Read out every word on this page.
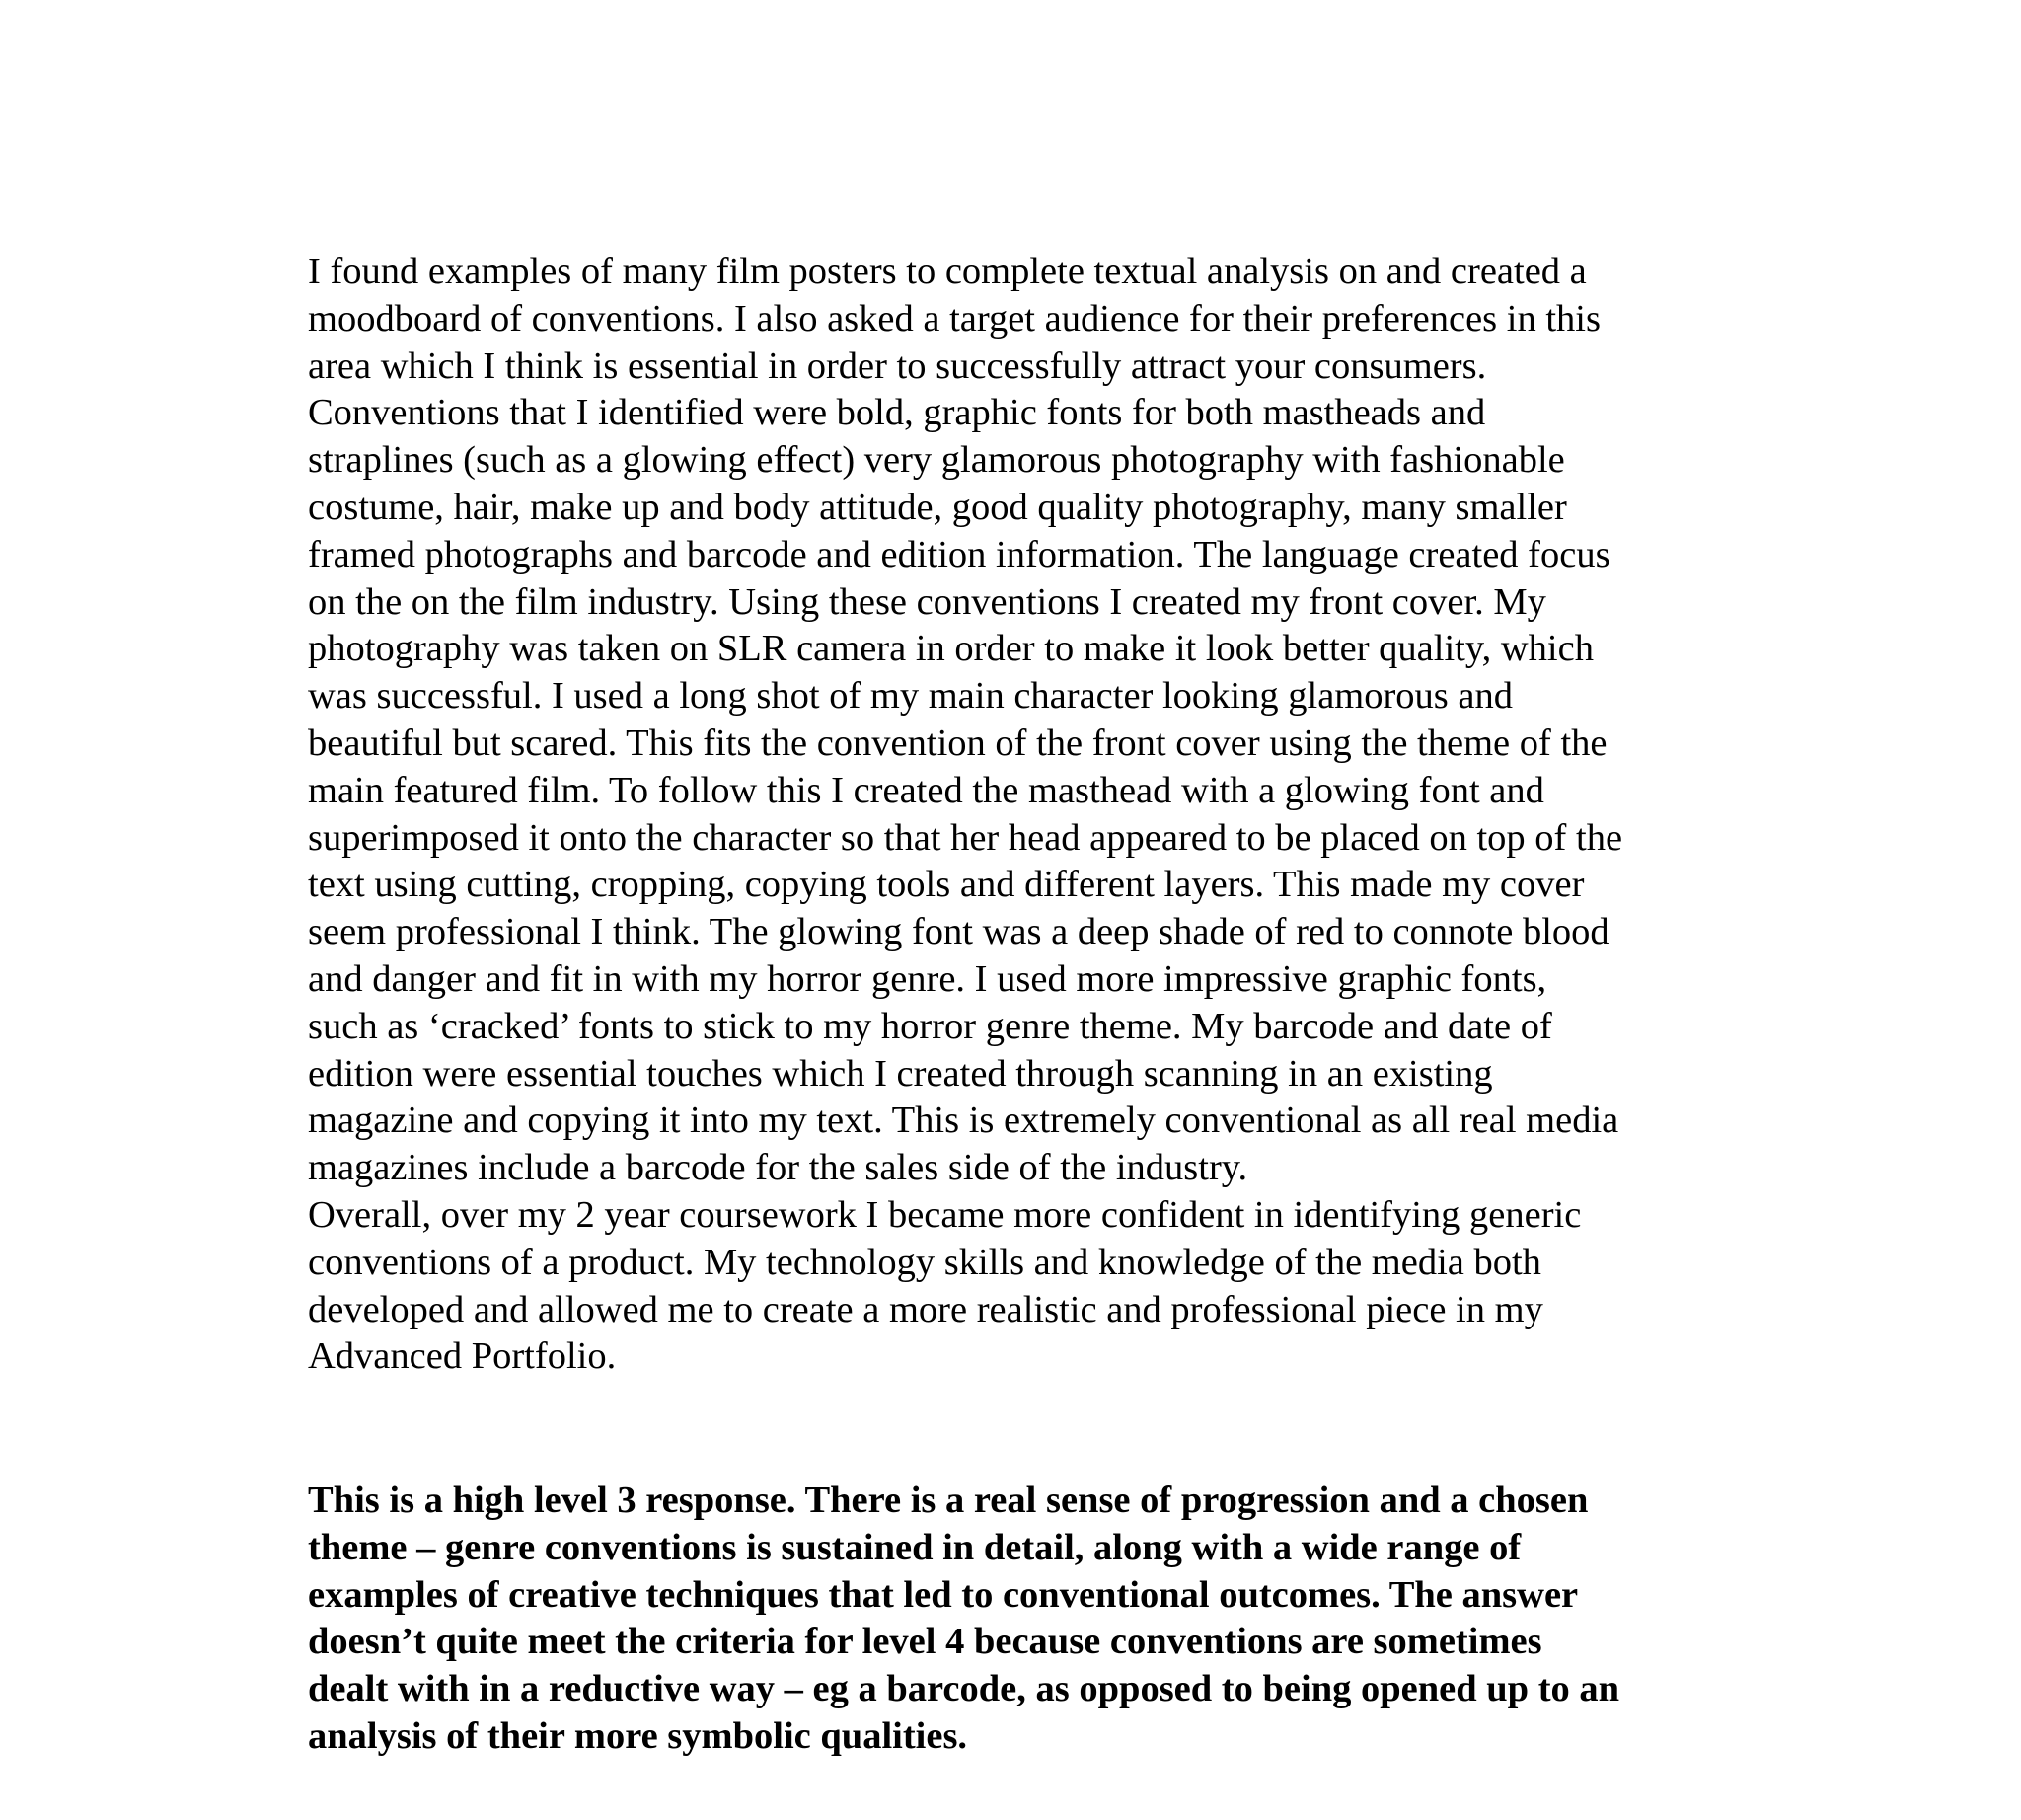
I found examples of many film posters to complete textual analysis on and created a
moodboard of conventions. I also asked a target audience for their preferences in this
area which I think is essential in order to successfully attract your consumers.
Conventions that I identified were bold, graphic fonts for both mastheads and
straplines (such as a glowing effect) very glamorous photography with fashionable
costume, hair, make up and body attitude, good quality photography, many smaller
framed photographs and barcode and edition information. The language created focus
on the on the film industry. Using these conventions I created my front cover. My
photography was taken on SLR camera in order to make it look better quality, which
was successful. I used a long shot of my main character looking glamorous and
beautiful but scared. This fits the convention of the front cover using the theme of the
main featured film. To follow this I created the masthead with a glowing font and
superimposed it onto the character so that her head appeared to be placed on top of the
text using cutting, cropping, copying tools and different layers. This made my cover
seem professional I think. The glowing font was a deep shade of red to connote blood
and danger and fit in with my horror genre. I used more impressive graphic fonts,
such as ‘cracked’ fonts to stick to my horror genre theme. My barcode and date of
edition were essential touches which I created through scanning in an existing
magazine and copying it into my text. This is extremely conventional as all real media
magazines include a barcode for the sales side of the industry.
Overall, over my 2 year coursework I became more confident in identifying generic
conventions of a product. My technology skills and knowledge of the media both
developed and allowed me to create a more realistic and professional piece in my
Advanced Portfolio.
This is a high level 3 response. There is a real sense of progression and a chosen
theme – genre conventions is sustained in detail, along with a wide range of
examples of creative techniques that led to conventional outcomes. The answer
doesn’t quite meet the criteria for level 4 because conventions are sometimes
dealt with in a reductive way – eg a barcode, as opposed to being opened up to an
analysis of their more symbolic qualities.
